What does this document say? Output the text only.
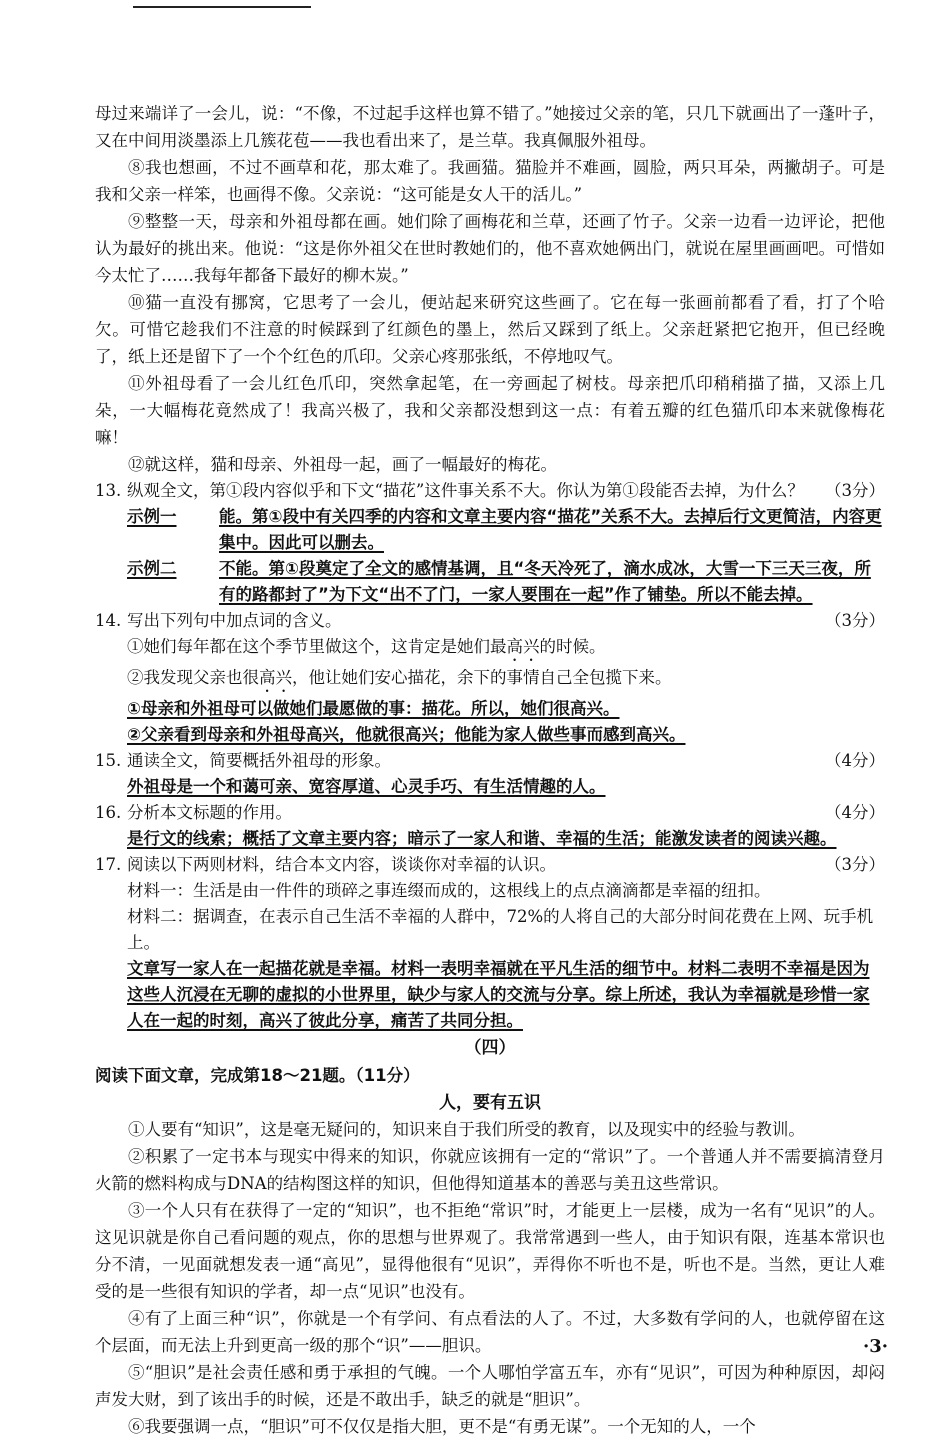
母过来端详了一会儿，说：“不像，不过起手这样也算不错了。”她接过父亲的笔，只几下就画出了一蓬叶子，又在中间用淡墨添上几簇花苞——我也看出来了，是兰草。我真佩服外祖母。

⑧我也想画，不过不画草和花，那太难了。我画猫。猫脸并不难画，圆脸，两只耳朵，两撇胡子。可是我和父亲一样笨，也画得不像。父亲说：“这可能是女人干的活儿。”

⑨整整一天，母亲和外祖母都在画。她们除了画梅花和兰草，还画了竹子。父亲一边看一边评论，把他认为最好的挑出来。他说：“这是你外祖父在世时教她们的，他不喜欢她俩出门，就说在屋里画画吧。可惜如今太忙了……我每年都备下最好的柳木炭。”

⑩猫一直没有挪窝，它思考了一会儿，便站起来研究这些画了。它在每一张画前都看了看，打了个哈欠。可惜它趁我们不注意的时候踩到了红颜色的墨上，然后又踩到了纸上。父亲赶紧把它抱开，但已经晚了，纸上还是留下了一个个红色的爪印。父亲心疼那张纸，不停地叹气。

⑪外祖母看了一会儿红色爪印，突然拿起笔，在一旁画起了树枝。母亲把爪印稍稍描了描，又添上几朵，一大幅梅花竟然成了！我高兴极了，我和父亲都没想到这一点：有着五瓣的红色猫爪印本来就像梅花嘛！

⑫就这样，猫和母亲、外祖母一起，画了一幅最好的梅花。

13. 纵观全文，第①段内容似乎和下文“描花”这件事关系不大。你认为第①段能否去掉，为什么？	（3分）
示例一	能。第①段中有关四季的内容和文章主要内容“描花”关系不大。去掉后行文更简洁，内容更集中。因此可以删去。
示例二	不能。第①段奠定了全文的感情基调，且“冬天冷死了，滴水成冰，大雪一下三天三夜，所有的路都封了”为下文“出不了门，一家人要围在一起”作了铺垫。所以不能去掉。
14. 写出下列句中加点词的含义。	（3分）

①她们每年都在这个季节里做这个，这肯定是她们最高兴的时候。

②我发现父亲也很高兴，他让她们安心描花，余下的事情自己全包揽下来。

①母亲和外祖母可以做她们最愿做的事：描花。所以，她们很高兴。

②父亲看到母亲和外祖母高兴，他就很高兴；他能为家人做些事而感到高兴。

15. 通读全文，简要概括外祖母的形象。	（4分）

外祖母是一个和蔼可亲、宽容厚道、心灵手巧、有生活情趣的人。

16. 分析本文标题的作用。	（4分）

是行文的线索；概括了文章主要内容；暗示了一家人和谐、幸福的生活；能激发读者的阅读兴趣。

17. 阅读以下两则材料，结合本文内容，谈谈你对幸福的认识。	（3分）

材料一：生活是由一件件的琐碎之事连缀而成的，这根线上的点点滴滴都是幸福的纽扣。

材料二：据调查，在表示自己生活不幸福的人群中，72%的人将自己的大部分时间花费在上网、玩手机上。

文章写一家人在一起描花就是幸福。材料一表明幸福就在平凡生活的细节中。材料二表明不幸福是因为这些人沉浸在无聊的虚拟的小世界里，缺少与家人的交流与分享。综上所述，我认为幸福就是珍惜一家人在一起的时刻，高兴了彼此分享，痛苦了共同分担。

（四）

阅读下面文章，完成第18～21题。（11分）

人，要有五识

①人要有“知识”，这是毫无疑问的，知识来自于我们所受的教育，以及现实中的经验与教训。

②积累了一定书本与现实中得来的知识，你就应该拥有一定的“常识”了。一个普通人并不需要搞清登月火箭的燃料构成与DNA的结构图这样的知识，但他得知道基本的善恶与美丑这些常识。

③一个人只有在获得了一定的“知识”，也不拒绝“常识”时，才能更上一层楼，成为一名有“见识”的人。这见识就是你自己看问题的观点，你的思想与世界观了。我常常遇到一些人，由于知识有限，连基本常识也分不清，一见面就想发表一通“高见”，显得他很有“见识”，弄得你不听也不是，听也不是。当然，更让人难受的是一些很有知识的学者，却一点“见识”也没有。

④有了上面三种“识”，你就是一个有学问、有点看法的人了。不过，大多数有学问的人，也就停留在这个层面，而无法上升到更高一级的那个“识”——胆识。

⑤“胆识”是社会责任感和勇于承担的气魄。一个人哪怕学富五车，亦有“见识”，可因为种种原因，却闷声发大财，到了该出手的时候，还是不敢出手，缺乏的就是“胆识”。

⑥我要强调一点，“胆识”可不仅仅是指大胆，更不是“有勇无谋”。一个无知的人，一个

·3·
